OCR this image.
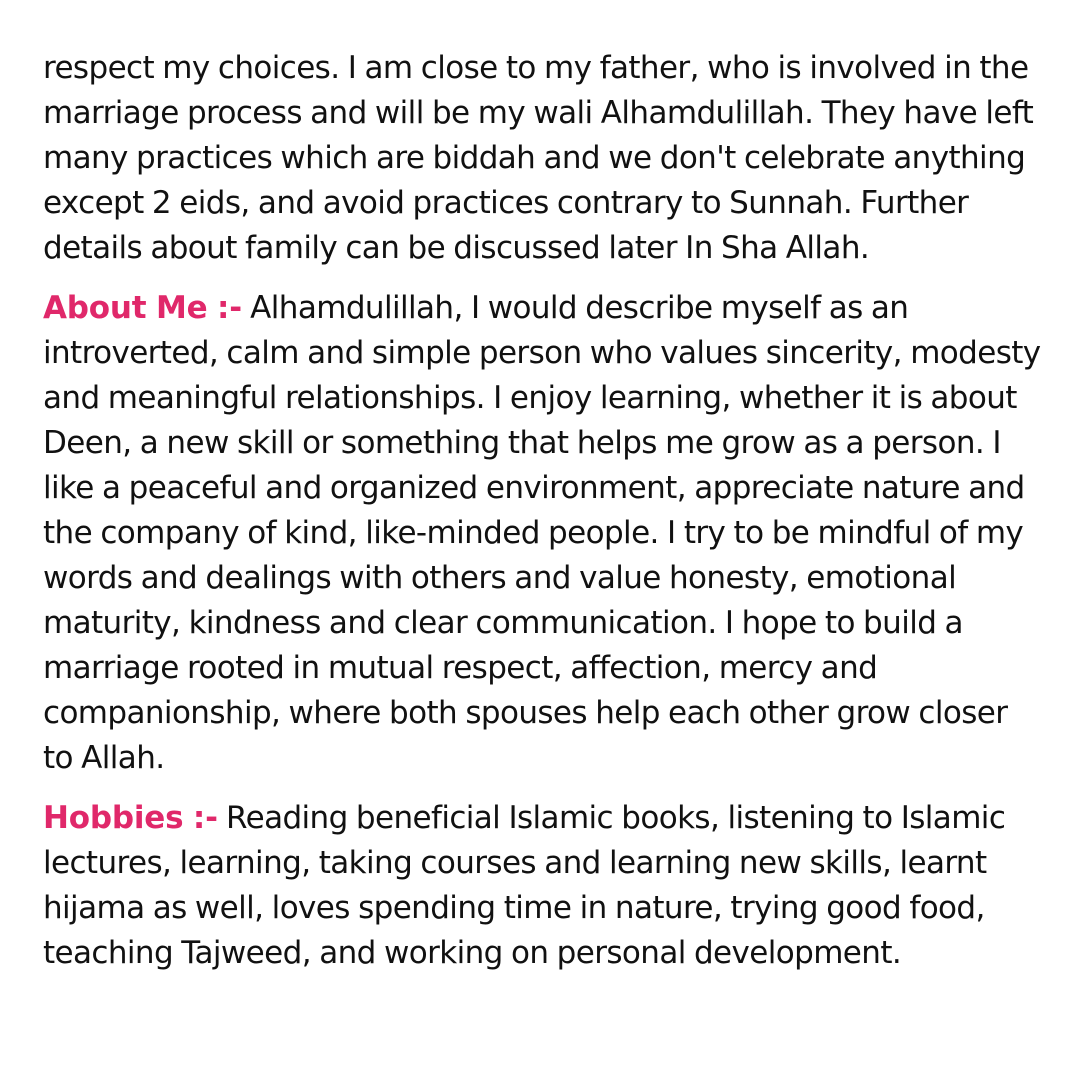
respect my choices. I am close to my father, who is involved in the marriage process and will be my wali Alhamdulillah. They have left many practices which are biddah and we don't celebrate anything except 2 eids, and avoid practices contrary to Sunnah. Further details about family can be discussed later In Sha Allah.

About Me :- Alhamdulillah, I would describe myself as an introverted, calm and simple person who values sincerity, modesty and meaningful relationships. I enjoy learning, whether it is about Deen, a new skill or something that helps me grow as a person. I like a peaceful and organized environment, appreciate nature and the company of kind, like-minded people. I try to be mindful of my words and dealings with others and value honesty, emotional maturity, kindness and clear communication. I hope to build a marriage rooted in mutual respect, affection, mercy and companionship, where both spouses help each other grow closer to Allah.

Hobbies :- Reading beneficial Islamic books, listening to Islamic lectures, learning, taking courses and learning new skills, learnt hijama as well, loves spending time in nature, trying good food, teaching Tajweed, and working on personal development.
